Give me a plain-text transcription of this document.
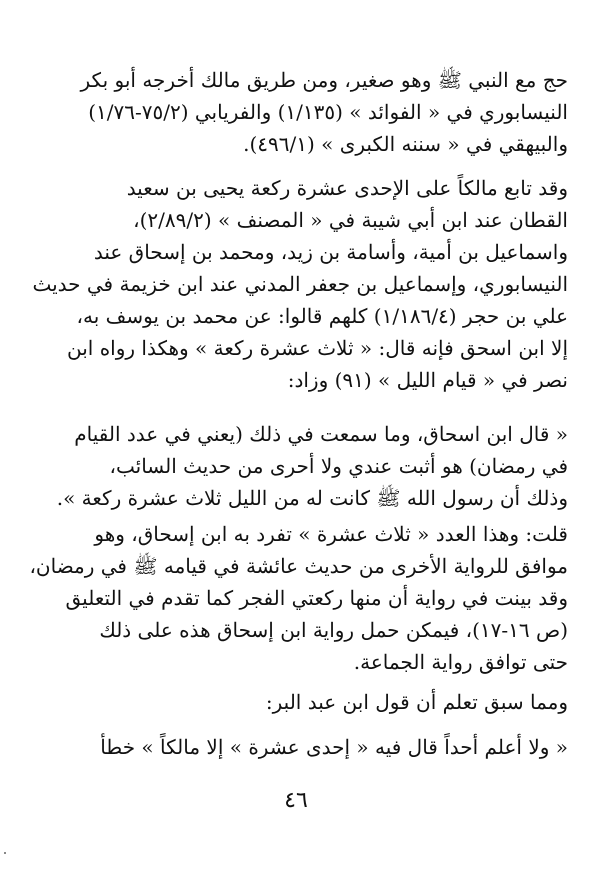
حج مع النبي ﷺ وهو صغير، ومن طريق مالك أخرجه أبو بكر
النيسابوري في « الفوائد » (١/١٣٥) والفريابي (٧٥/٢-١/٧٦)
والبيهقي في « سننه الكبرى » (٤٩٦/١).
وقد تابع مالكاً على الإحدى عشرة ركعة يحيى بن سعيد
القطان عند ابن أبي شيبة في « المصنف » (٢/٨٩/٢)،
واسماعيل بن أمية، وأسامة بن زيد، ومحمد بن إسحاق عند
النيسابوري، وإسماعيل بن جعفر المدني عند ابن خزيمة في حديث
علي بن حجر (١/١٨٦/٤) كلهم قالوا: عن محمد بن يوسف به،
إلا ابن اسحق فإنه قال: « ثلاث عشرة ركعة » وهكذا رواه ابن
نصر في « قيام الليل » (٩١) وزاد:
« قال ابن اسحاق، وما سمعت في ذلك (يعني في عدد القيام
في رمضان) هو أثبت عندي ولا أحرى من حديث السائب،
وذلك أن رسول الله ﷺ كانت له من الليل ثلاث عشرة ركعة ».
قلت: وهذا العدد « ثلاث عشرة » تفرد به ابن إسحاق، وهو
موافق للرواية الأخرى من حديث عائشة في قيامه ﷺ في رمضان،
وقد بينت في رواية أن منها ركعتي الفجر كما تقدم في التعليق
(ص ١٦-١٧)، فيمكن حمل رواية ابن إسحاق هذه على ذلك
حتى توافق رواية الجماعة.
ومما سبق تعلم أن قول ابن عبد البر:
« ولا أعلم أحداً قال فيه « إحدى عشرة » إلا مالكاً » خطأ
٤٦
